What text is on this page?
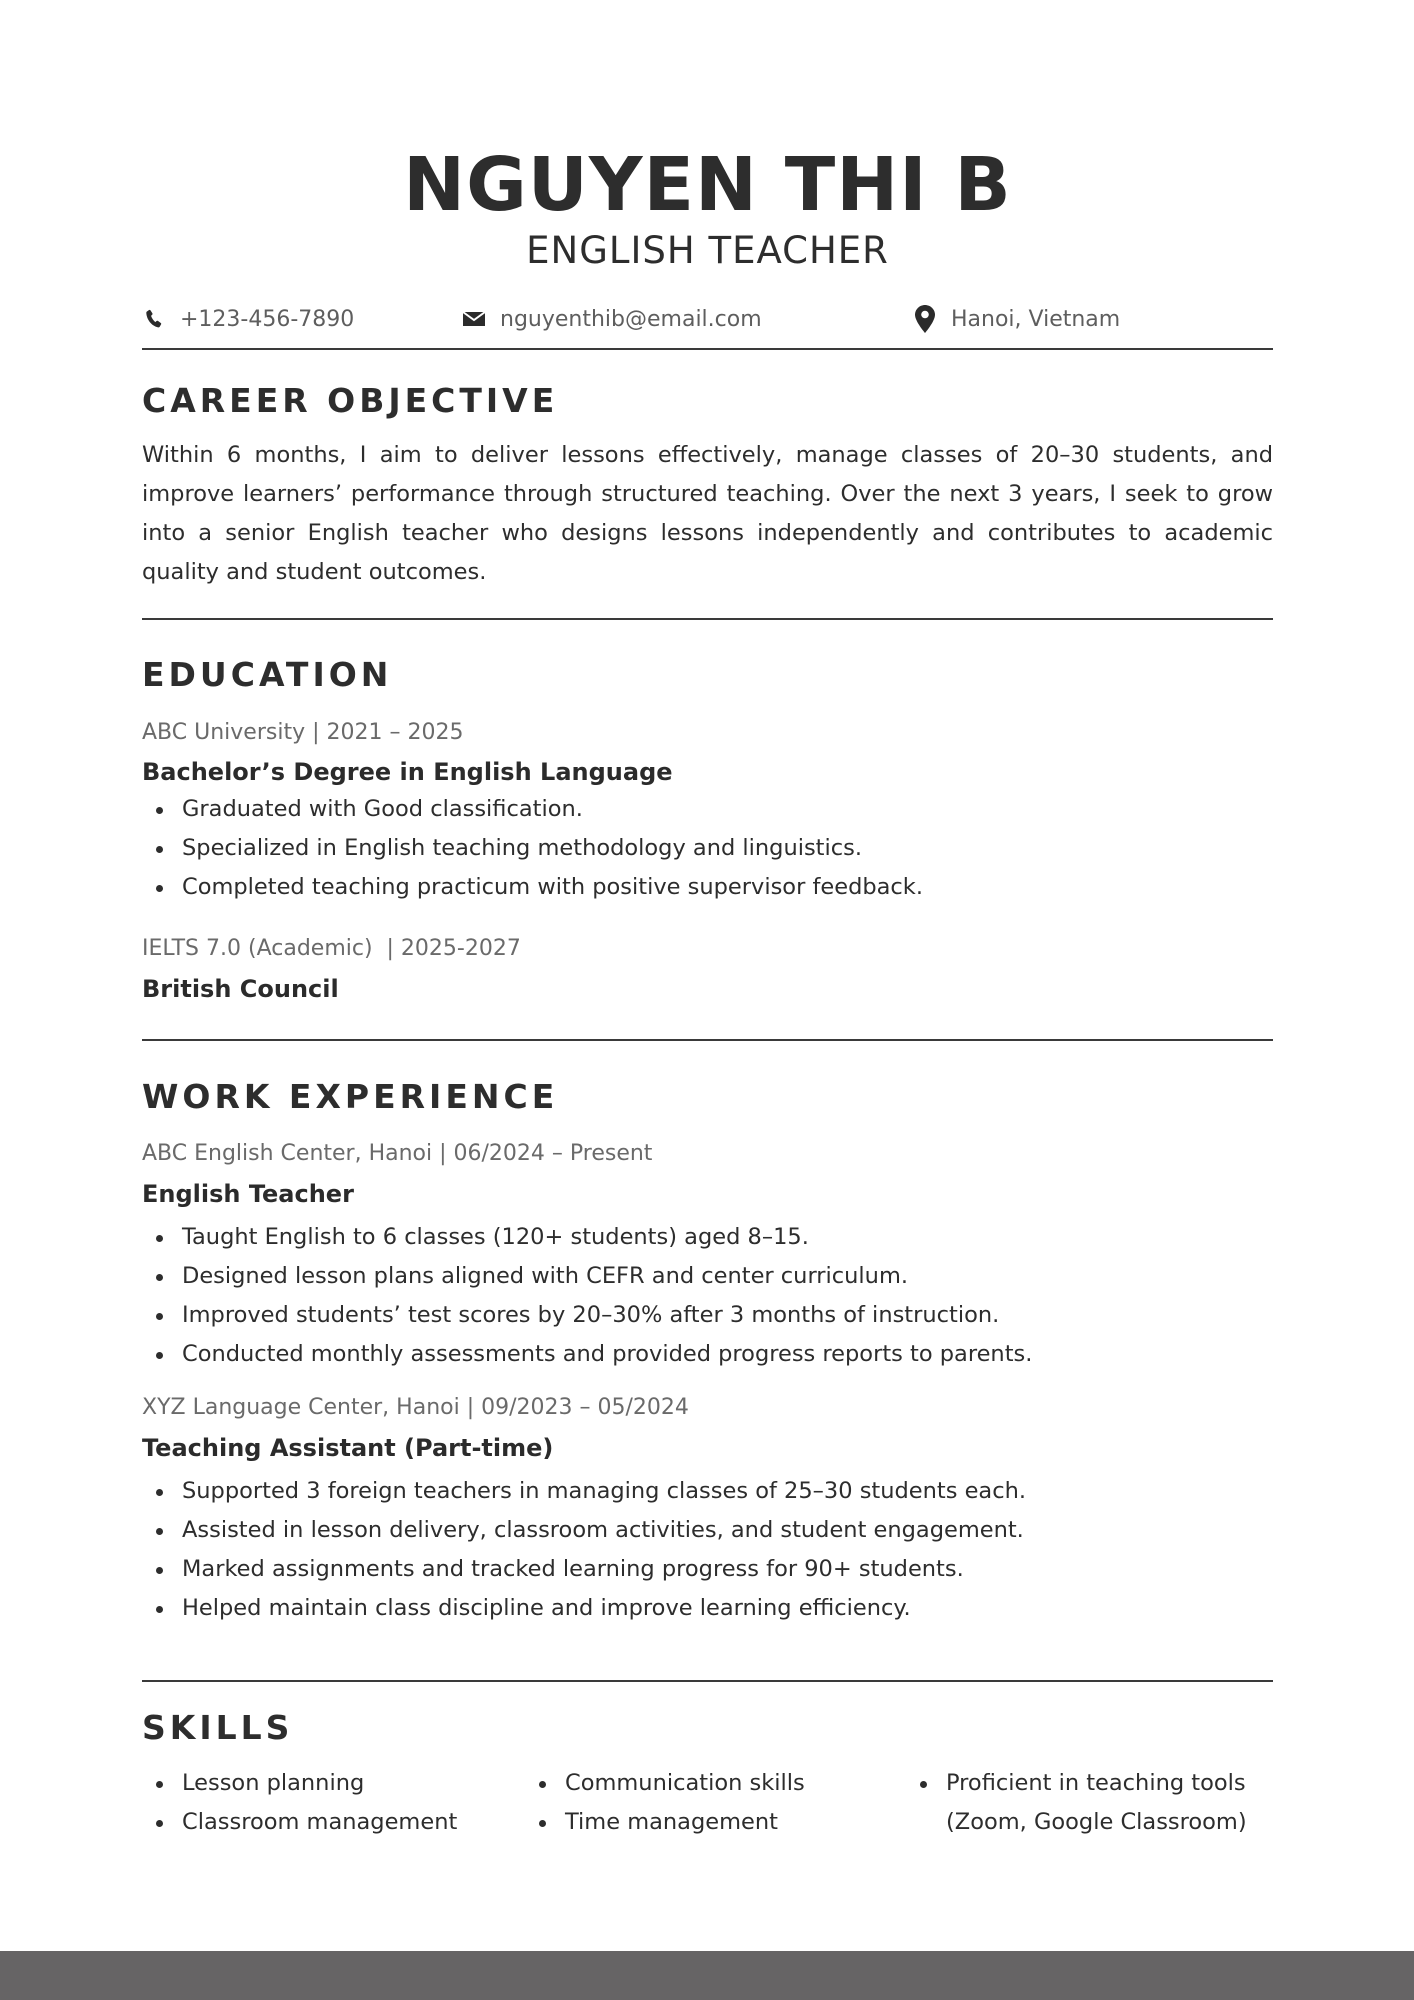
NGUYEN THI B
ENGLISH TEACHER
+123-456-7890	nguyenthib@email.com	Hanoi, Vietnam
CAREER OBJECTIVE
Within 6 months, I aim to deliver lessons effectively, manage classes of 20–30 students, and improve learners’ performance through structured teaching. Over the next 3 years, I seek to grow into a senior English teacher who designs lessons independently and contributes to academic quality and student outcomes.
EDUCATION
ABC University | 2021 – 2025
Bachelor’s Degree in English Language
Graduated with Good classification.
Specialized in English teaching methodology and linguistics.
Completed teaching practicum with positive supervisor feedback.
IELTS 7.0 (Academic)  | 2025-2027
British Council
WORK EXPERIENCE
ABC English Center, Hanoi | 06/2024 – Present
English Teacher
Taught English to 6 classes (120+ students) aged 8–15.
Designed lesson plans aligned with CEFR and center curriculum.
Improved students’ test scores by 20–30% after 3 months of instruction.
Conducted monthly assessments and provided progress reports to parents.
XYZ Language Center, Hanoi | 09/2023 – 05/2024
Teaching Assistant (Part-time)
Supported 3 foreign teachers in managing classes of 25–30 students each.
Assisted in lesson delivery, classroom activities, and student engagement.
Marked assignments and tracked learning progress for 90+ students.
Helped maintain class discipline and improve learning efficiency.
SKILLS
Lesson planning
Classroom management
Communication skills
Time management
Proficient in teaching tools
(Zoom, Google Classroom)
